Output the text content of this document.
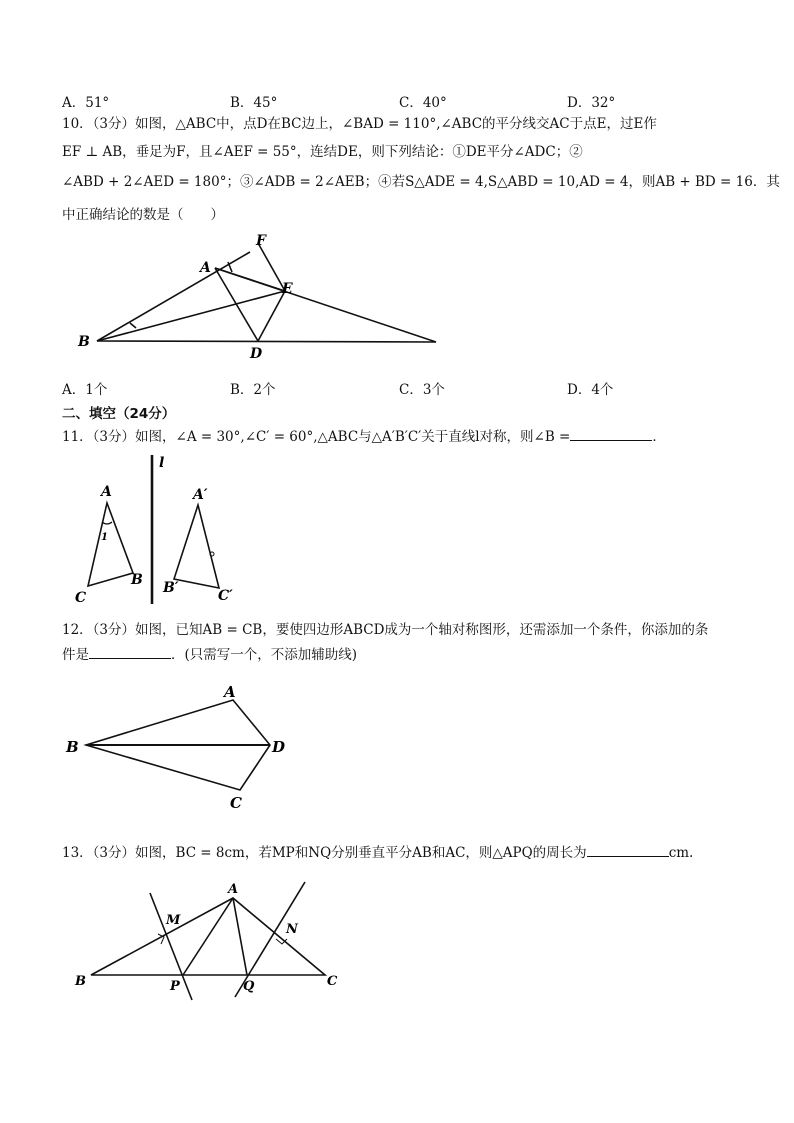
A．51°	B．45°	C．40°	D．32°
10．（3分）如图，△ABC中，点D在BC边上，∠BAD = 110°,∠ABC的平分线交AC于点E，过E作
EF ⊥ AB，垂足为F，且∠AEF = 55°，连结DE，则下列结论：①DE平分∠ADC；②
∠ABD + 2∠AED = 180°；③∠ADB = 2∠AEB；④若S△ADE = 4,S△ABD = 10,AD = 4，则AB + BD = 16．其
中正确结论的数是（　　）
A
B
D
E
F
A．1个	B．2个	C．3个	D．4个
二、填空（24分）
11．（3分）如图，∠A = 30°,∠C′ = 60°,△ABC与△A′B′C′关于直线l对称，则∠B =	．
A
C
B
1
l
A′
B′	C′
12．（3分）如图，已知AB = CB，要使四边形ABCD成为一个轴对称图形，还需添加一个条件，你添加的条
件是	．(只需写一个，不添加辅助线)
A
B	D
C
13．（3分）如图，BC = 8cm，若MP和NQ分别垂直平分AB和AC，则△APQ的周长为	cm.
A
B	C
M
N
P	Q
